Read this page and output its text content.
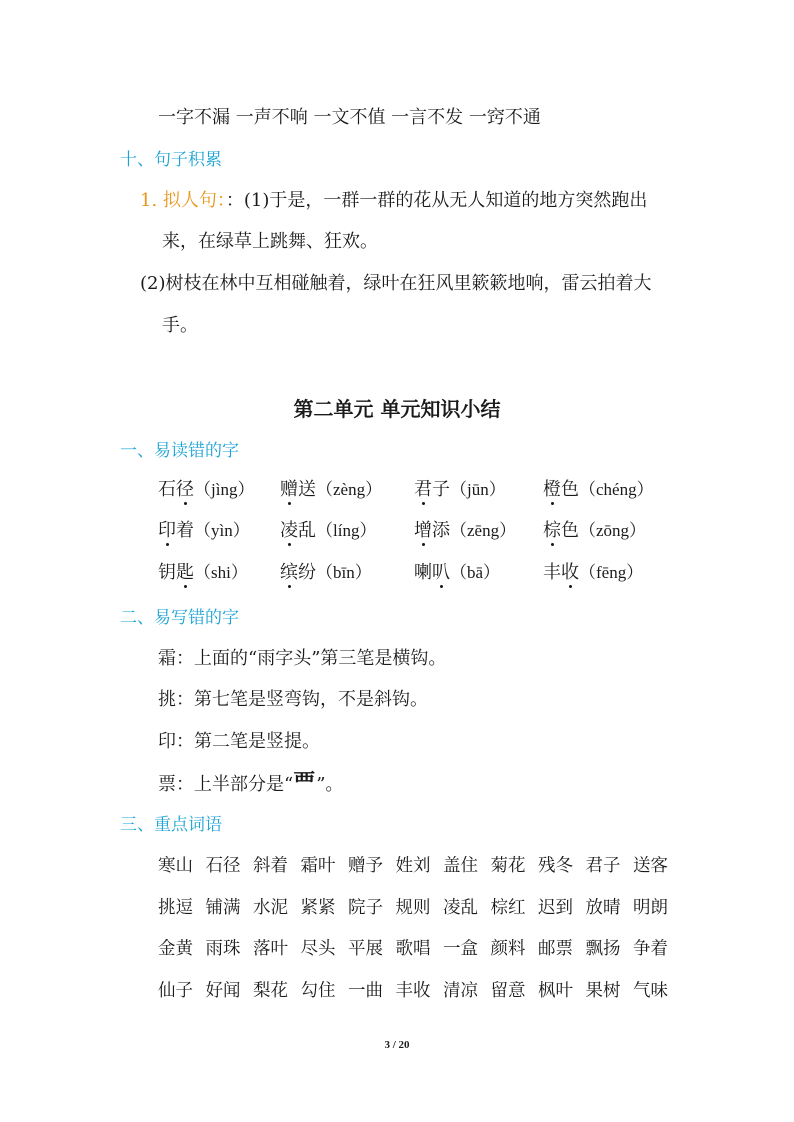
一字不漏 一声不响 一文不值 一言不发 一窍不通
十、句子积累
1. 拟人句：：(1)于是，一群一群的花从无人知道的地方突然跑出
来，在绿草上跳舞、狂欢。
(2)树枝在林中互相碰触着，绿叶在狂风里簌簌地响，雷云拍着大
手。
第二单元 单元知识小结
一、易读错的字
石径（jìng） 赠送（zèng） 君子（jūn） 橙色（chéng）
印着（yìn） 凌乱（líng） 增添（zēng） 棕色（zōng）
钥匙（shi） 缤纷（bīn） 喇叭（bā） 丰收（fēng）
二、易写错的字
霜：上面的“雨字头”第三笔是横钩。
挑：第七笔是竖弯钩，不是斜钩。
印：第二笔是竖提。
票：上半部分是“覀”。
三、重点词语
寒山 石径 斜着 霜叶 赠予 姓刘 盖住 菊花 残冬 君子 送客
挑逗 铺满 水泥 紧紧 院子 规则 凌乱 棕红 迟到 放晴 明朗
金黄 雨珠 落叶 尽头 平展 歌唱 一盒 颜料 邮票 飘扬 争着
仙子 好闻 梨花 勾住 一曲 丰收 清凉 留意 枫叶 果树 气味
3 / 20
